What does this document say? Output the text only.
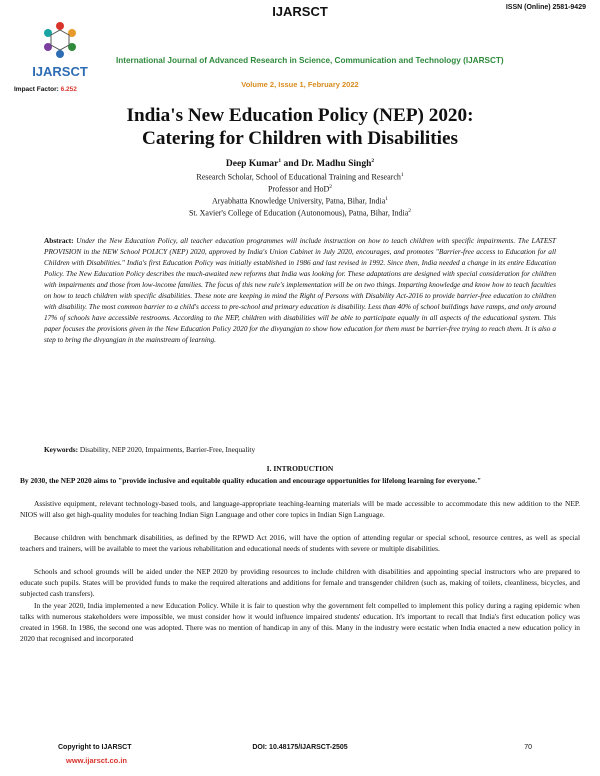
IJARSCT	ISSN (Online) 2581-9429
IJARSCT
Impact Factor: 6.252
International Journal of Advanced Research in Science, Communication and Technology (IJARSCT)
Volume 2, Issue 1, February 2022
India's New Education Policy (NEP) 2020:
Catering for Children with Disabilities
Deep Kumar$^1$ and Dr. Madhu Singh$^2$
Research Scholar, School of Educational Training and Research$^1$
Professor and HoD$^2$
Aryabhatta Knowledge University, Patna, Bihar, India$^1$
St. Xavier's College of Education (Autonomous), Patna, Bihar, India$^2$

Abstract: Under the New Education Policy, all teacher education programmes will include instruction on how to teach children with specific impairments. The LATEST PROVISION in the NEW School POLICY (NEP) 2020, approved by India's Union Cabinet in July 2020, encourages, and promotes "Barrier-free access to Education for all Children with Disabilities." India's first Education Policy was initially established in 1986 and last revised in 1992. Since then, India needed a change in its entire Education Policy. The New Education Policy describes the much-awaited new reforms that India was looking for. These adaptations are designed with special consideration for children with impairments and those from low-income families. The focus of this new rule's implementation will be on two things. Imparting knowledge and know how to teach faculties on how to teach children with specific disabilities. These note are keeping in mind the Right of Persons with Disability Act-2016 to provide barrier-free education to children with disability. The most common barrier to a child's access to pre-school and primary education is disability. Less than 40% of school buildings have ramps, and only around 17% of schools have accessible restrooms. According to the NEP, children with disabilities will be able to participate equally in all aspects of the educational system. This paper focuses the provisions given in the New Education Policy 2020 for the divyangjan to show how education for them must be barrier-free trying to reach them. It is also a step to bring the divyangjan in the mainstream of learning.

Keywords: Disability, NEP 2020, Impairments, Barrier-Free, Inequality
I. INTRODUCTION

By 2030, the NEP 2020 aims to "provide inclusive and equitable quality education and encourage opportunities for lifelong learning for everyone."

Assistive equipment, relevant technology-based tools, and language-appropriate teaching-learning materials will be made accessible to accommodate this new addition to the NEP. NIOS will also get high-quality modules for teaching Indian Sign Language and other core topics in Indian Sign Language.

Because children with benchmark disabilities, as defined by the RPWD Act 2016, will have the option of attending regular or special school, resource centres, as well as special teachers and trainers, will be available to meet the various rehabilitation and educational needs of students with severe or multiple disabilities.

Schools and school grounds will be aided under the NEP 2020 by providing resources to include children with disabilities and appointing special instructors who are prepared to educate such pupils. States will be provided funds to make the required alterations and additions for female and transgender children (such as, making of toilets, cleanliness, bicycles, and subjected cash transfers).

In the year 2020, India implemented a new Education Policy. While it is fair to question why the government felt compelled to implement this policy during a raging epidemic when talks with numerous stakeholders were impossible, we must consider how it would influence impaired students' education. It's important to recall that India's first education policy was created in 1968. In 1986, the second one was adopted. There was no mention of handicap in any of this. Many in the industry were ecstatic when India enacted a new education policy in 2020 that recognised and incorporated

Copyright to IJARSCT
www.ijarsct.co.in
DOI: 10.48175/IJARSCT-2505	70
